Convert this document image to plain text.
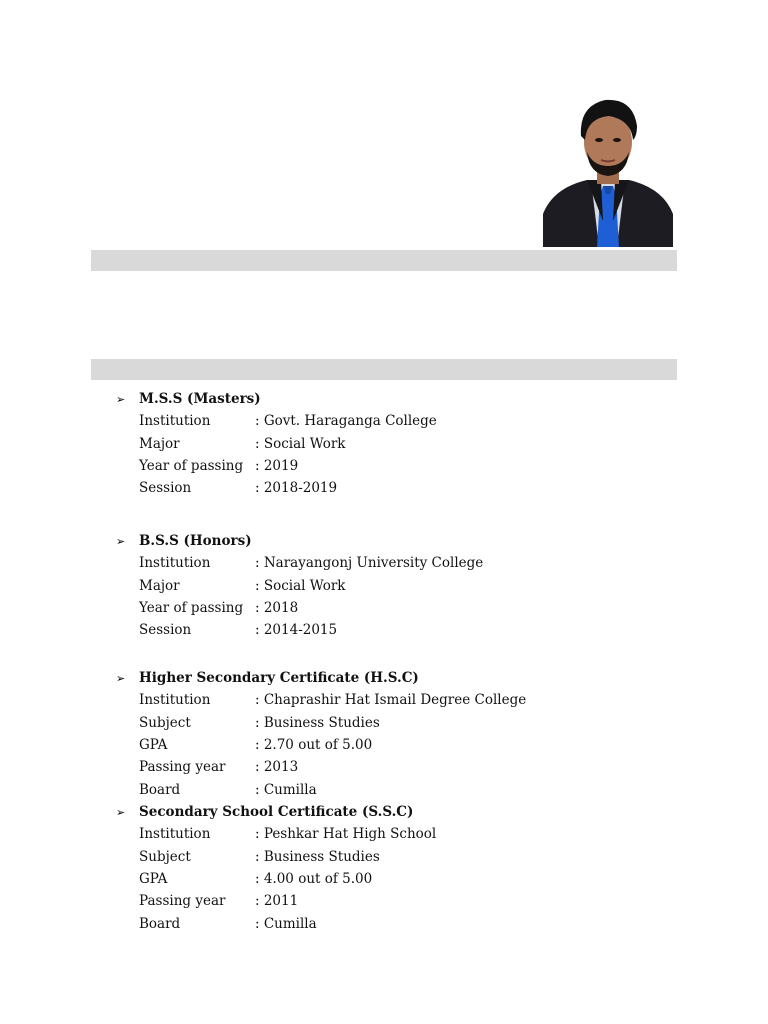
➢	M.S.S (Masters)
Institution	: Govt. Haraganga College
Major	: Social Work
Year of passing : 2019
Session	: 2018-2019
➢	B.S.S (Honors)
Institution	: Narayangonj University College
Major	: Social Work
Year of passing : 2018
Session	: 2014-2015
➢	Higher Secondary Certificate (H.S.C)
Institution	: Chaprashir Hat Ismail Degree College
Subject	: Business Studies
GPA	: 2.70 out of 5.00
Passing year	: 2013
Board	: Cumilla
➢	Secondary School Certificate (S.S.C)
Institution	: Peshkar Hat High School
Subject	: Business Studies
GPA	: 4.00 out of 5.00
Passing year	: 2011
Board	: Cumilla
